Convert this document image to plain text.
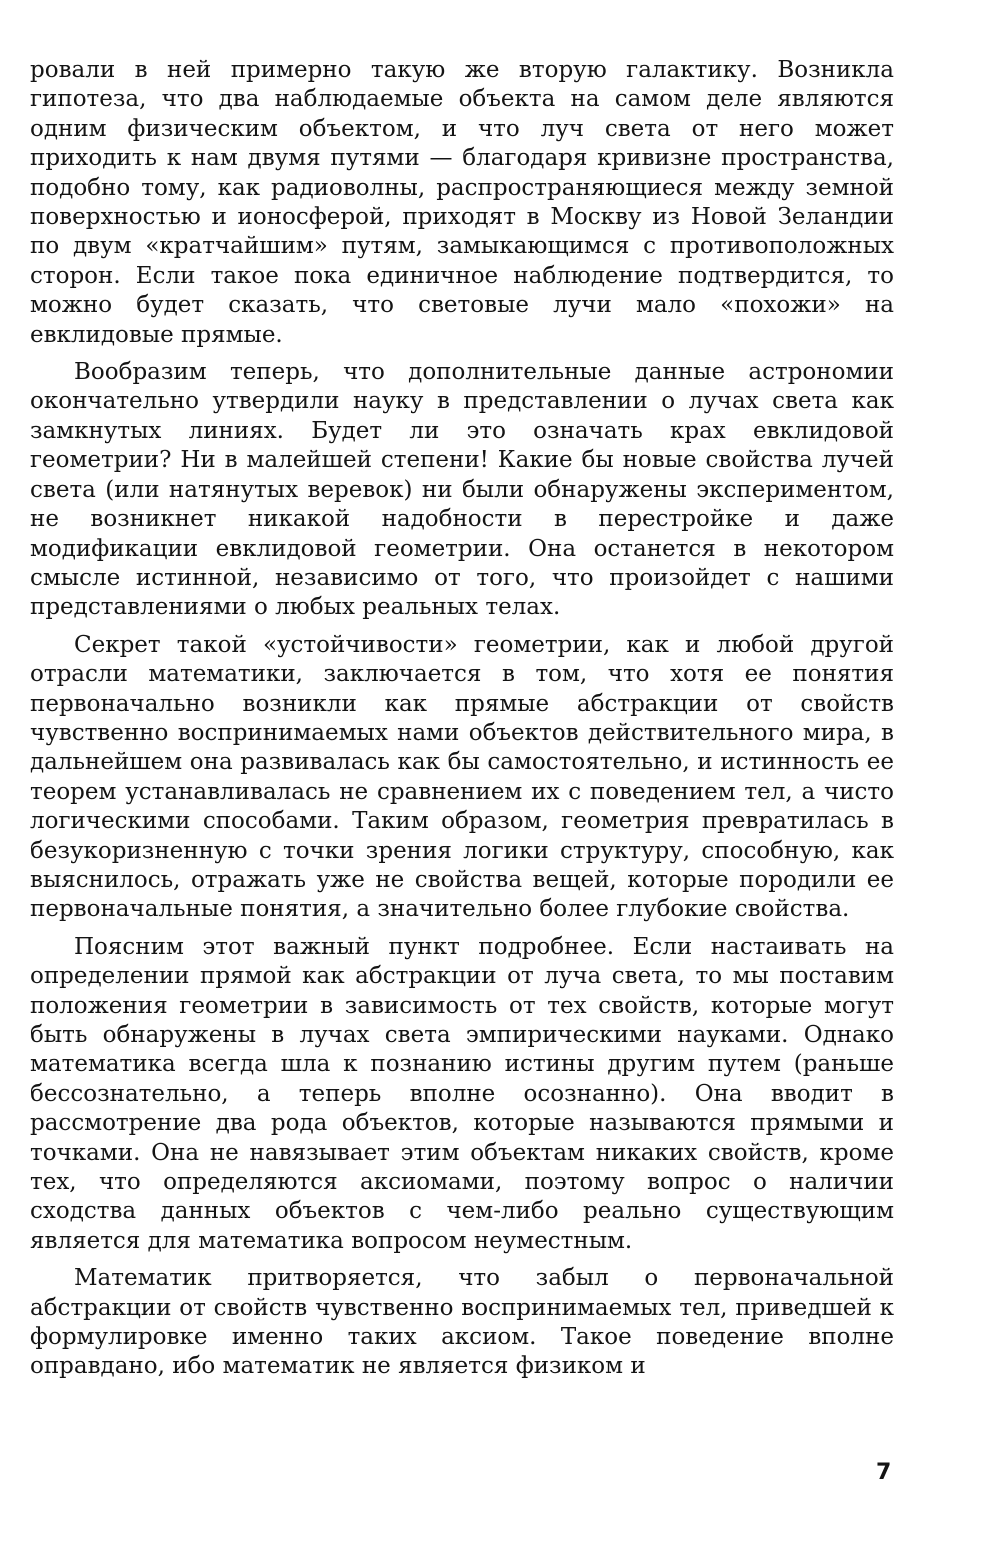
ровали в ней примерно такую же вторую галактику. Возникла гипотеза, что два наблюдаемые объекта на самом деле являются одним физическим объектом, и что луч света от него может приходить к нам двумя путями — благодаря кривизне пространства, подобно тому, как радиоволны, распространяющиеся между земной поверхностью и ионосферой, приходят в Москву из Новой Зеландии по двум «кратчайшим» путям, замыкающимся с противоположных сторон. Если такое пока единичное наблюдение подтвердится, то можно будет сказать, что световые лучи мало «похожи» на евклидовые прямые.

Вообразим теперь, что дополнительные данные астрономии окончательно утвердили науку в представлении о лучах света как замкнутых линиях. Будет ли это означать крах евклидовой геометрии? Ни в малейшей степени! Какие бы новые свойства лучей света (или натянутых веревок) ни были обнаружены экспериментом, не возникнет никакой надобности в перестройке и даже модификации евклидовой геометрии. Она останется в некотором смысле истинной, независимо от того, что произойдет с нашими представлениями о любых реальных телах.

Секрет такой «устойчивости» геометрии, как и любой другой отрасли математики, заключается в том, что хотя ее понятия первоначально возникли как прямые абстракции от свойств чувственно воспринимаемых нами объектов действительного мира, в дальнейшем она развивалась как бы самостоятельно, и истинность ее теорем устанавливалась не сравнением их с поведением тел, а чисто логическими способами. Таким образом, геометрия превратилась в безукоризненную с точки зрения логики структуру, способную, как выяснилось, отражать уже не свойства вещей, которые породили ее первоначальные понятия, а значительно более глубокие свойства.

Поясним этот важный пункт подробнее. Если настаивать на определении прямой как абстракции от луча света, то мы поставим положения геометрии в зависимость от тех свойств, которые могут быть обнаружены в лучах света эмпирическими науками. Однако математика всегда шла к познанию истины другим путем (раньше бессознательно, а теперь вполне осознанно). Она вводит в рассмотрение два рода объектов, которые называются прямыми и точками. Она не навязывает этим объектам никаких свойств, кроме тех, что определяются аксиомами, поэтому вопрос о наличии сходства данных объектов с чем-либо реально существующим является для математика вопросом неуместным.

Математик притворяется, что забыл о первоначальной абстракции от свойств чувственно воспринимаемых тел, приведшей к формулировке именно таких аксиом. Такое поведение вполне оправдано, ибо математик не является физиком и

7
